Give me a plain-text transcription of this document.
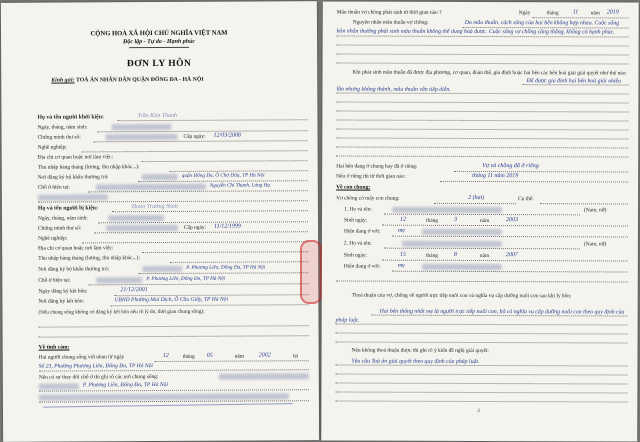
CỘNG HOÀ XÃ HỘI CHỦ NGHĨA VIỆT NAM
Độc lập - Tự do - Hạnh phúc
ĐƠN LY HÔN
Kính gửi: TOÀ ÁN NHÂN DÂN QUẬN ĐỐNG ĐA - HÀ NỘI
Họ và tên người khởi kiện:	Trần Kim Thanh
Ngày, tháng, năm sinh:
Chứng minh thư số:	Cấp ngày: 12/03/2008
Nghề nghiệp:
Địa chỉ cơ quan hoặc nơi làm việc:
Thu nhập hàng tháng (lương, thu nhập khác...):
Nơi đăng ký hộ khẩu thường trú:	quận Đống Đa, Ô Chợ Dừa, TP Hà Nội
Chỗ ở hiện tại:	Nguyễn Chí Thanh, Láng Hạ
Họ và tên người bị kiện:	Đoàn Trường Ninh
Ngày, tháng, năm sinh:
Chứng minh thư số:	Cấp ngày: 11/12/1999
Nghề nghiệp:
Địa chỉ cơ quan hoặc nơi làm việc:
Thu nhập hàng tháng (lương, thu nhập khác...):
Nơi đăng ký hộ khẩu thường trú:	P. Phương Liên, Đống Đa, TP Hà Nội
Chỗ ở hiện tại:	P. Phương Liên, Đống Đa, TP Hà Nội
Ngày đăng ký kết hôn:	21/12/2001
Nơi đăng ký kết hôn:	UBND Phường Mai Dịch, Ô Cầu Giấy, TP Hà Nội
(Nếu chung sống không có đăng ký kết hôn nêu rõ lý do, thời gian chung sống):
Về tình cảm:
Hai người chung sống với nhau từ ngày	12	tháng 05	năm 2002	tại
Số 23, Phường Phương Liên, Đống Đa, TP Hà Nội
Nếu có sự thay đổi chỗ ở thì ghi rõ các nơi chung sống:
P. Phương Liên, Đống Đa, TP Hà Nội
Mâu thuẫn vợ chồng phát sinh từ thời gian nào ?	Ngày	tháng 11 năm 2019
Nguyên nhân mâu thuẫn vợ chồng:	Do mâu thuẫn, cách sống của hai bên không hợp nhau. Cuộc sống hôn nhân thường phát sinh mâu thuẫn không thể dung hoà được. Cuộc sống vợ chồng căng thẳng, không có hạnh phúc.
Khi phát sinh mâu thuẫn đã được địa phương, cơ quan, đoàn thể, gia đình hoặc hai bên các bên hoà giải giải quyết như thế nào:
Đã được gia đình hai bên hoà giải nhiều lần nhưng không thành, mâu thuẫn vẫn tiếp diễn.
Hai bên đang ở chung hay đã ở riêng:	Vợ và chồng đã ở riêng
Nếu ở riêng thì từ thời gian nào:	tháng 11 năm 2019
Về con chung:
Vợ chồng có mấy con chung:	2 (hai)	Cụ thể:
1. Họ và tên:	(Nam, nữ)
Sinh ngày:	12	tháng	3	năm	2003
Hiện đang ở với:	mẹ
2. Họ và tên:	(Nam, nữ)
Sinh ngày:	15	tháng	8	năm	2007
Hiện đang ở với:	mẹ
Thoả thuận của vợ, chồng về người trực tiếp nuôi con và nghĩa vụ cấp dưỡng nuôi con sau khi ly hôn:
Hai bên thống nhất mẹ là người trực tiếp nuôi con, bố có nghĩa vụ cấp dưỡng nuôi con theo quy định của pháp luật.
Nếu không thoả thuận được thì ghi rõ ý kiến đề nghị giải quyết:
Yêu cầu Toà án giải quyết theo quy định của pháp luật.
2
